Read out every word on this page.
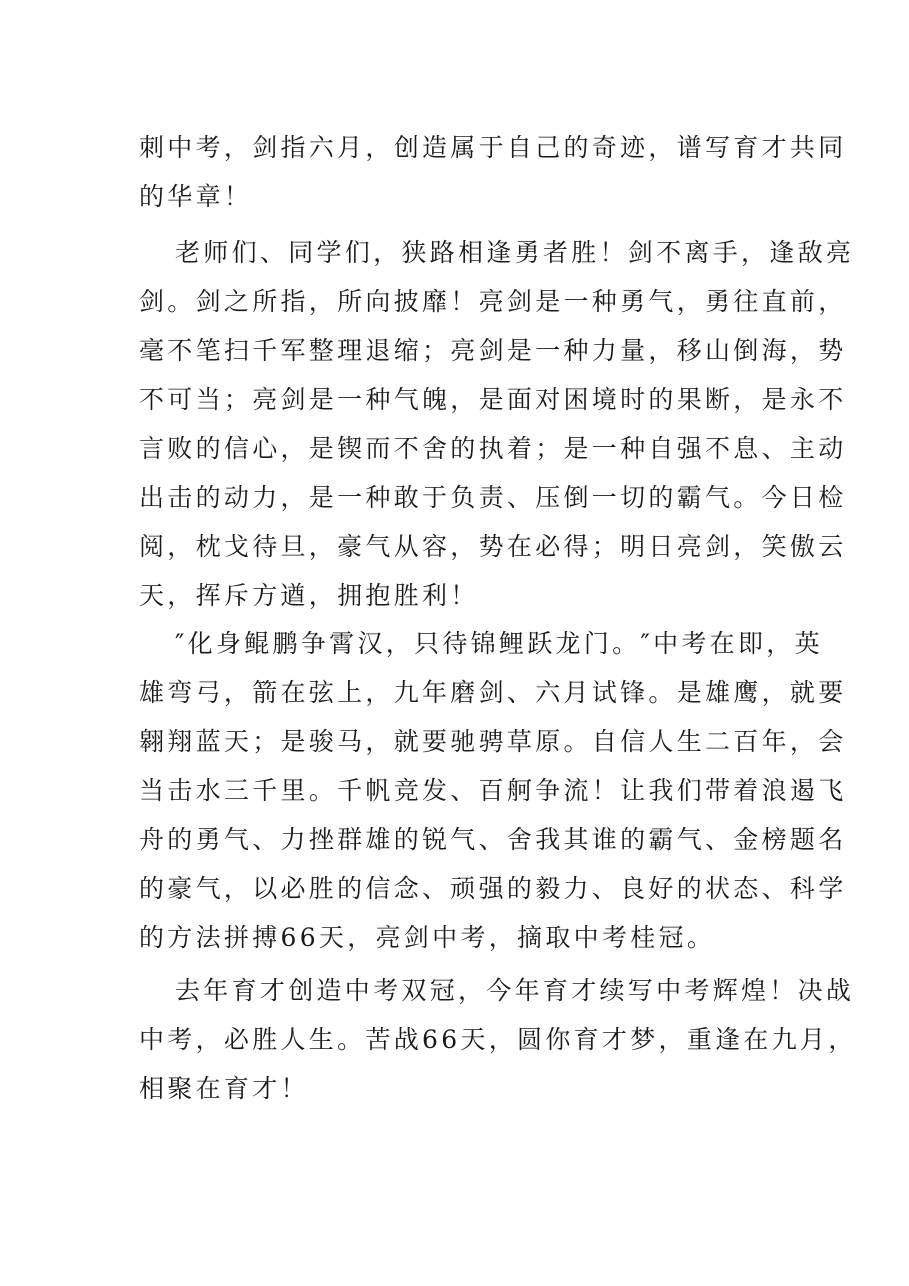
刺中考，剑指六月，创造属于自己的奇迹，谱写育才共同
的华章！
老师们、同学们，狭路相逢勇者胜！剑不离手，逢敌亮
剑。剑之所指，所向披靡！亮剑是一种勇气，勇往直前，
毫不笔扫千军整理退缩；亮剑是一种力量，移山倒海，势
不可当；亮剑是一种气魄，是面对困境时的果断，是永不
言败的信心，是锲而不舍的执着；是一种自强不息、主动
出击的动力，是一种敢于负责、压倒一切的霸气。今日检
阅，枕戈待旦，豪气从容，势在必得；明日亮剑，笑傲云
天，挥斥方遒，拥抱胜利！
″化身鲲鹏争霄汉，只待锦鲤跃龙门。″中考在即，英
雄弯弓，箭在弦上，九年磨剑、六月试锋。是雄鹰，就要
翱翔蓝天；是骏马，就要驰骋草原。自信人生二百年，会
当击水三千里。千帆竞发、百舸争流！让我们带着浪遏飞
舟的勇气、力挫群雄的锐气、舍我其谁的霸气、金榜题名
的豪气，以必胜的信念、顽强的毅力、良好的状态、科学
的方法拼搏66天，亮剑中考，摘取中考桂冠。
去年育才创造中考双冠，今年育才续写中考辉煌！决战
中考，必胜人生。苦战66天，圆你育才梦，重逢在九月，
相聚在育才！
